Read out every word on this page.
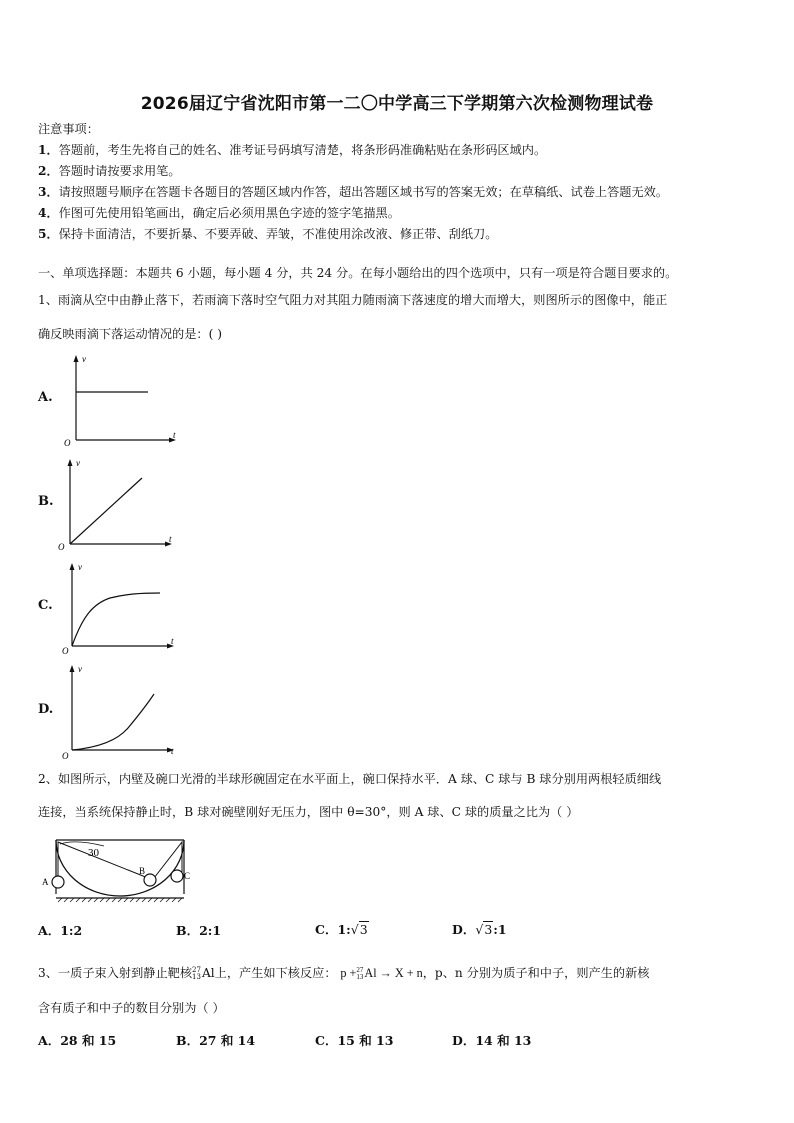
2026届辽宁省沈阳市第一二〇中学高三下学期第六次检测物理试卷
注意事项：
1．答题前，考生先将自己的姓名、准考证号码填写清楚，将条形码准确粘贴在条形码区域内。
2．答题时请按要求用笔。
3．请按照题号顺序在答题卡各题目的答题区域内作答，超出答题区域书写的答案无效；在草稿纸、试卷上答题无效。
4．作图可先使用铅笔画出，确定后必须用黑色字迹的签字笔描黑。
5．保持卡面清洁，不要折暴、不要弄破、弄皱，不准使用涂改液、修正带、刮纸刀。
一、单项选择题：本题共 6 小题，每小题 4 分，共 24 分。在每小题给出的四个选项中，只有一项是符合题目要求的。
1、雨滴从空中由静止落下，若雨滴下落时空气阻力对其阻力随雨滴下落速度的增大而增大，则图所示的图像中，能正
确反映雨滴下落运动情况的是：( )
A.
v
t
O
B.
v
t
O
C.
v
t
O
D.
v
t
O
2、如图所示，内壁及碗口光滑的半球形碗固定在水平面上，碗口保持水平．A 球、C 球与 B 球分别用两根轻质细线
连接，当系统保持静止时，B 球对碗壁刚好无压力，图中 θ=30°，则 A 球、C 球的质量之比为（ ）
30
A
B	C
A．1:2	B．2:1	C．1:√3	D．√3:1
3、一质子束入射到静止靶核27
13Al上，产生如下核反应： p +27
13Al → X + n，p、n 分别为质子和中子，则产生的新核
含有质子和中子的数目分别为（ ）
A．28 和 15	B．27 和 14	C．15 和 13	D．14 和 13
